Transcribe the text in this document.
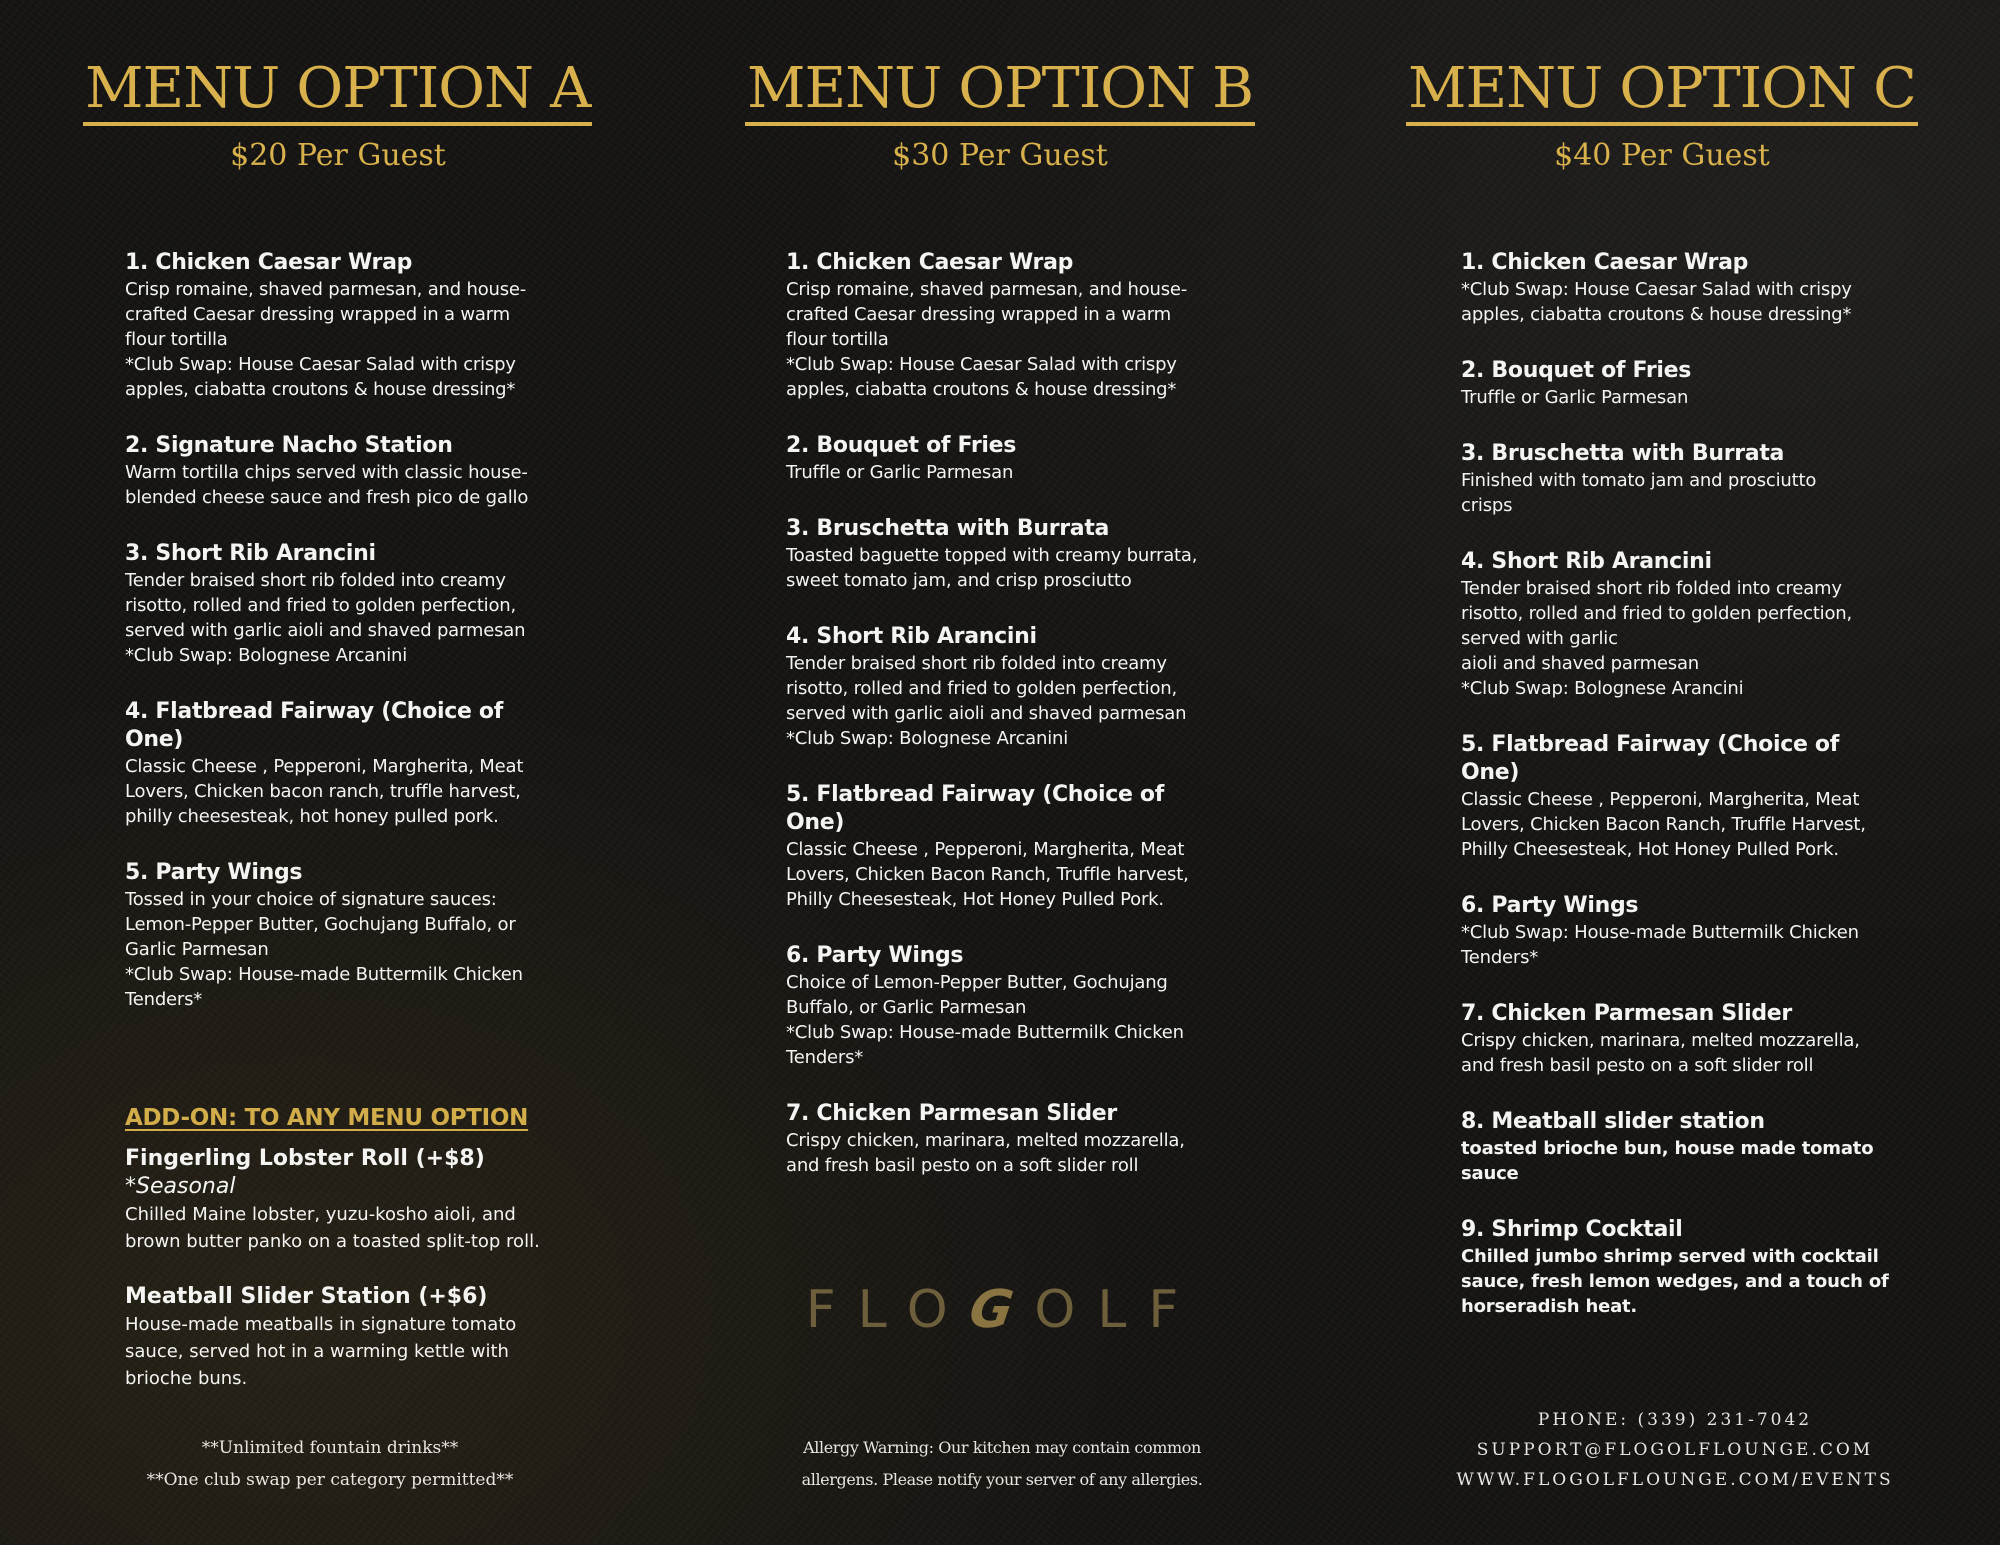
MENU OPTION A
$20 Per Guest
1. Chicken Caesar Wrap
Crisp romaine, shaved parmesan, and house-
crafted Caesar dressing wrapped in a warm
flour tortilla
*Club Swap: House Caesar Salad with crispy
apples, ciabatta croutons & house dressing*
2. Signature Nacho Station
Warm tortilla chips served with classic house-
blended cheese sauce and fresh pico de gallo
3. Short Rib Arancini
Tender braised short rib folded into creamy
risotto, rolled and fried to golden perfection,
served with garlic aioli and shaved parmesan
*Club Swap: Bolognese Arcanini
4. Flatbread Fairway (Choice of One)
Classic Cheese , Pepperoni, Margherita, Meat
Lovers, Chicken bacon ranch, truffle harvest,
philly cheesesteak, hot honey pulled pork.
5. Party Wings
Tossed in your choice of signature sauces:
Lemon-Pepper Butter, Gochujang Buffalo, or
Garlic Parmesan
*Club Swap: House-made Buttermilk Chicken
Tenders*
MENU OPTION B
$30 Per Guest
1. Chicken Caesar Wrap
Crisp romaine, shaved parmesan, and house-
crafted Caesar dressing wrapped in a warm
flour tortilla
*Club Swap: House Caesar Salad with crispy
apples, ciabatta croutons & house dressing*
2. Bouquet of Fries
Truffle or Garlic Parmesan
3. Bruschetta with Burrata
Toasted baguette topped with creamy burrata,
sweet tomato jam, and crisp prosciutto
4. Short Rib Arancini
Tender braised short rib folded into creamy
risotto, rolled and fried to golden perfection,
served with garlic aioli and shaved parmesan
*Club Swap: Bolognese Arcanini
5. Flatbread Fairway (Choice of One)
Classic Cheese , Pepperoni, Margherita, Meat
Lovers, Chicken Bacon Ranch, Truffle harvest,
Philly Cheesesteak, Hot Honey Pulled Pork.
6. Party Wings
Choice of Lemon-Pepper Butter, Gochujang
Buffalo, or Garlic Parmesan
*Club Swap: House-made Buttermilk Chicken
Tenders*
7. Chicken Parmesan Slider
Crispy chicken, marinara, melted mozzarella,
and fresh basil pesto on a soft slider roll
MENU OPTION C
$40 Per Guest
1. Chicken Caesar Wrap
*Club Swap: House Caesar Salad with crispy
apples, ciabatta croutons & house dressing*
2. Bouquet of Fries
Truffle or Garlic Parmesan
3. Bruschetta with Burrata
Finished with tomato jam and prosciutto
crisps
4. Short Rib Arancini
Tender braised short rib folded into creamy
risotto, rolled and fried to golden perfection,
served with garlic
aioli and shaved parmesan
*Club Swap: Bolognese Arancini
5. Flatbread Fairway (Choice of One)
Classic Cheese , Pepperoni, Margherita, Meat
Lovers, Chicken Bacon Ranch, Truffle Harvest,
Philly Cheesesteak, Hot Honey Pulled Pork.
6. Party Wings
*Club Swap: House-made Buttermilk Chicken
Tenders*
7. Chicken Parmesan Slider
Crispy chicken, marinara, melted mozzarella,
and fresh basil pesto on a soft slider roll
8. Meatball slider station
toasted brioche bun, house made tomato
sauce
9. Shrimp Cocktail
Chilled jumbo shrimp served with cocktail
sauce, fresh lemon wedges, and a touch of
horseradish heat.
ADD-ON: TO ANY MENU OPTION
Fingerling Lobster Roll (+$8) *Seasonal
Chilled Maine lobster, yuzu-kosho aioli, and
brown butter panko on a toasted split-top roll.
Meatball Slider Station (+$6)
House-made meatballs in signature tomato
sauce, served hot in a warming kettle with
brioche buns.
**Unlimited fountain drinks**
**One club swap per category permitted**
FLOGOLF
Allergy Warning: Our kitchen may contain common
allergens. Please notify your server of any allergies.
PHONE: (339) 231-7042
SUPPORT@FLOGOLFLOUNGE.COM
WWW.FLOGOLFLOUNGE.COM/EVENTS
